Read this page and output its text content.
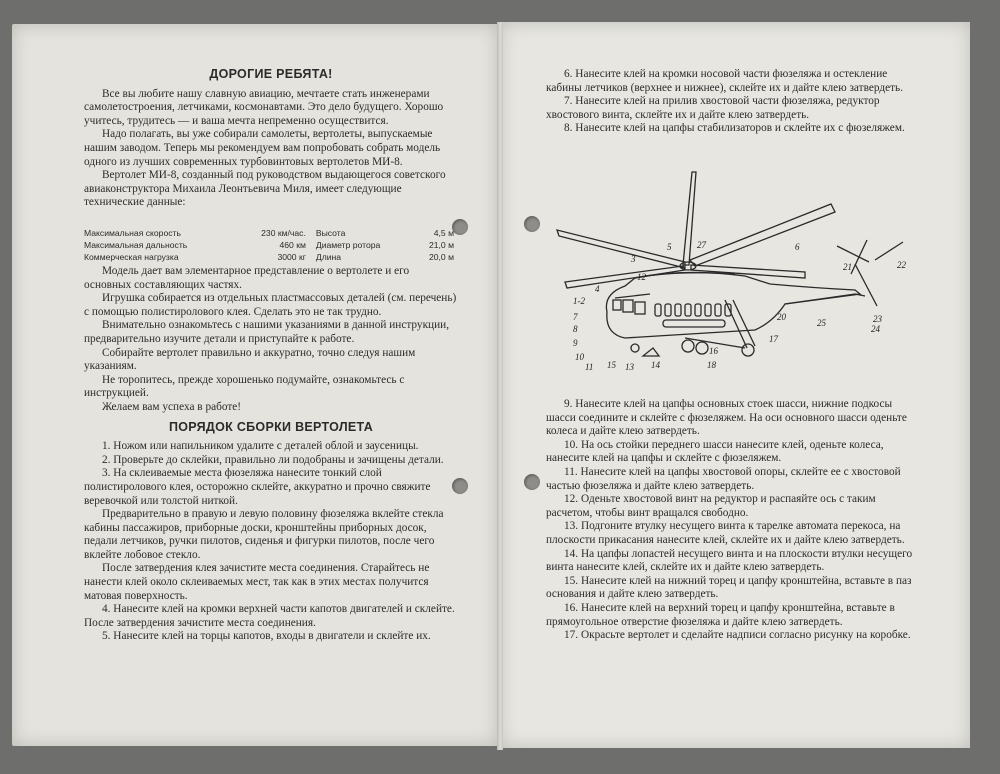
ДОРОГИЕ РЕБЯТА!

Все вы любите нашу славную авиацию, мечтаете стать инженерами самолетостроения, летчиками, космонавтами. Это дело будущего. Хорошо учитесь, трудитесь — и ваша мечта непременно осуществится.

Надо полагать, вы уже собирали самолеты, вертолеты, выпускаемые нашим заводом. Теперь мы рекомендуем вам попробовать собрать модель одного из лучших современных турбовинтовых вертолетов МИ-8.

Вертолет МИ-8, созданный под руководством выдающегося советского авиаконструктора Михаила Леонтьевича Миля, имеет следующие технические данные:

Максимальная скорость	230 км/час.	Высота	4,5 м
Максимальная дальность	460 км	Диаметр ротора	21,0 м
Коммерческая нагрузка	3000 кг	Длина	20,0 м

Модель дает вам элементарное представление о вертолете и его основных составляющих частях.

Игрушка собирается из отдельных пластмассовых деталей (см. перечень) с помощью полистиролового клея. Сделать это не так трудно.

Внимательно ознакомьтесь с нашими указаниями в данной инструкции, предварительно изучите детали и приступайте к работе.

Собирайте вертолет правильно и аккуратно, точно следуя нашим указаниям.

Не торопитесь, прежде хорошенько подумайте, ознакомьтесь с инструкцией.

Желаем вам успеха в работе!

ПОРЯДОК СБОРКИ ВЕРТОЛЕТА

1. Ножом или напильником удалите с деталей облой и заусеницы.

2. Проверьте до склейки, правильно ли подобраны и зачищены детали.

3. На склеиваемые места фюзеляжа нанесите тонкий слой полистиролового клея, осторожно склейте, аккуратно и прочно свяжите веревочкой или толстой ниткой.

Предварительно в правую и левую половину фюзеляжа вклейте стекла кабины пассажиров, приборные доски, кронштейны приборных досок, педали летчиков, ручки пилотов, сиденья и фигурки пилотов, после чего вклейте лобовое стекло.

После затвердения клея зачистите места соединения. Старайтесь не нанести клей около склеиваемых мест, так как в этих местах получится матовая поверхность.

4. Нанесите клей на кромки верхней части капотов двигателей и склейте. После затвердения зачистите места соединения.

5. Нанесите клей на торцы капотов, входы в двигатели и склейте их.

6. Нанесите клей на кромки носовой части фюзеляжа и остекление кабины летчиков (верхнее и нижнее), склейте их и дайте клею затвердеть.

7. Нанесите клей на прилив хвостовой части фюзеляжа, редуктор хвостового винта, склейте их и дайте клею затвердеть.

8. Нанесите клей на цапфы стабилизаторов и склейте их с фюзеляжем.

1-2
3
4
5	6
7
8
9
10
11
12
13 14
15
16
17
18
20
21	22
23
24
25
27

9. Нанесите клей на цапфы основных стоек шасси, нижние подкосы шасси соедините и склейте с фюзеляжем. На оси основного шасси оденьте колеса и дайте клею затвердеть.

10. На ось стойки переднего шасси нанесите клей, оденьте колеса, нанесите клей на цапфы и склейте с фюзеляжем.

11. Нанесите клей на цапфы хвостовой опоры, склейте ее с хвостовой частью фюзеляжа и дайте клею затвердеть.

12. Оденьте хвостовой винт на редуктор и распаяйте ось с таким расчетом, чтобы винт вращался свободно.

13. Подгоните втулку несущего винта к тарелке автомата перекоса, на плоскости прикасания нанесите клей, склейте их и дайте клею затвердеть.

14. На цапфы лопастей несущего винта и на плоскости втулки несущего винта нанесите клей, склейте их и дайте клею затвердеть.

15. Нанесите клей на нижний торец и цапфу кронштейна, вставьте в паз основания и дайте клею затвердеть.

16. Нанесите клей на верхний торец и цапфу кронштейна, вставьте в прямоугольное отверстие фюзеляжа и дайте клею затвердеть.

17. Окрасьте вертолет и сделайте надписи согласно рисунку на коробке.
